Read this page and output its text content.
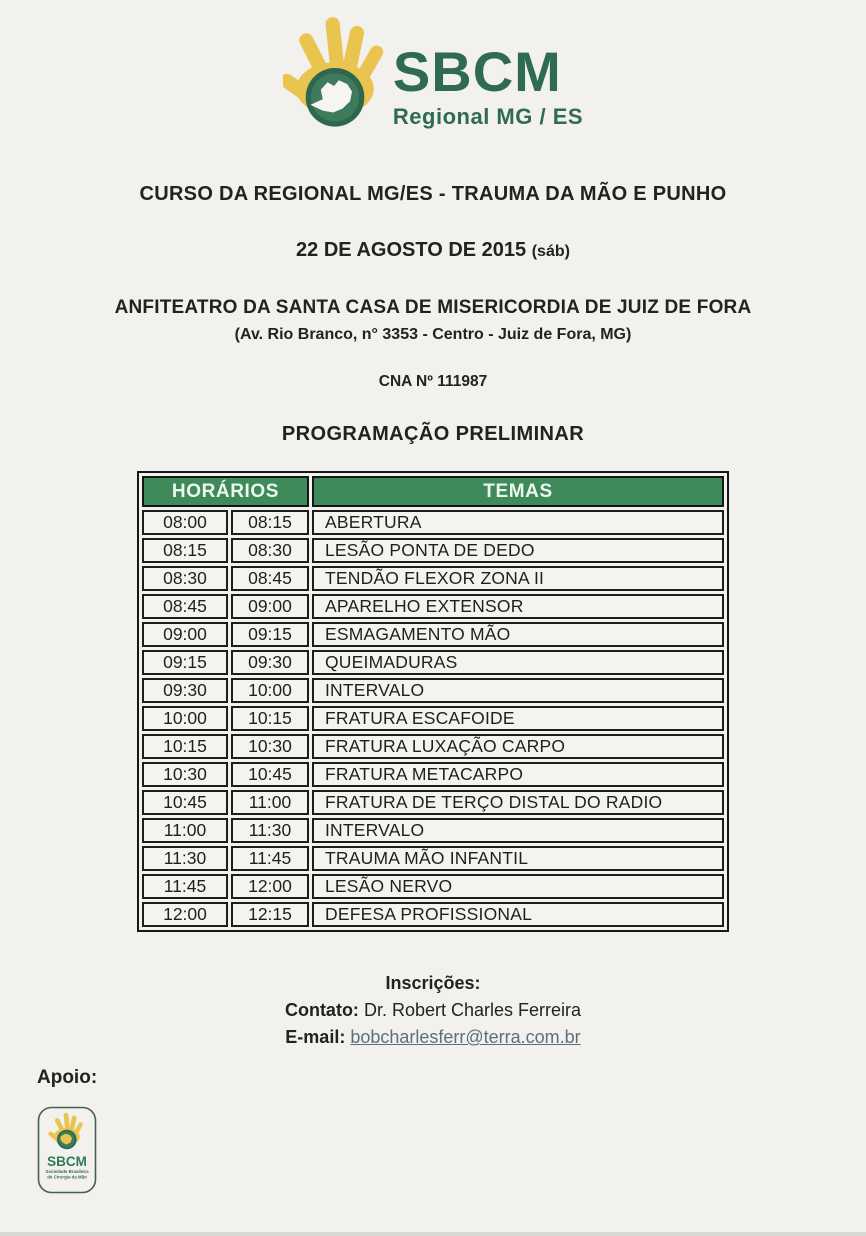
SBCM
Regional MG / ES
CURSO DA REGIONAL MG/ES - TRAUMA DA MÃO E PUNHO
22 DE AGOSTO DE 2015 (sáb)
ANFITEATRO DA SANTA CASA DE MISERICORDIA DE JUIZ DE FORA
(Av. Rio Branco, n° 3353 - Centro - Juiz de Fora, MG)
CNA Nº 111987
PROGRAMAÇÃO PRELIMINAR
HORÁRIOS		TEMAS
08:00	08:15	ABERTURA
08:15	08:30	LESÃO PONTA DE DEDO
08:30	08:45	TENDÃO FLEXOR ZONA II
08:45	09:00	APARELHO EXTENSOR
09:00	09:15	ESMAGAMENTO MÃO
09:15	09:30	QUEIMADURAS
09:30	10:00	INTERVALO
10:00	10:15	FRATURA ESCAFOIDE
10:15	10:30	FRATURA LUXAÇÃO CARPO
10:30	10:45	FRATURA METACARPO
10:45	11:00	FRATURA DE TERÇO DISTAL DO RADIO
11:00	11:30	INTERVALO
11:30	11:45	TRAUMA MÃO INFANTIL
11:45	12:00	LESÃO NERVO
12:00	12:15	DEFESA PROFISSIONAL
Inscrições:
Contato: Dr. Robert Charles Ferreira
E-mail: bobcharlesferr@terra.com.br
Apoio:
SBCM
Sociedade Brasileira
de Cirurgia da Mão
